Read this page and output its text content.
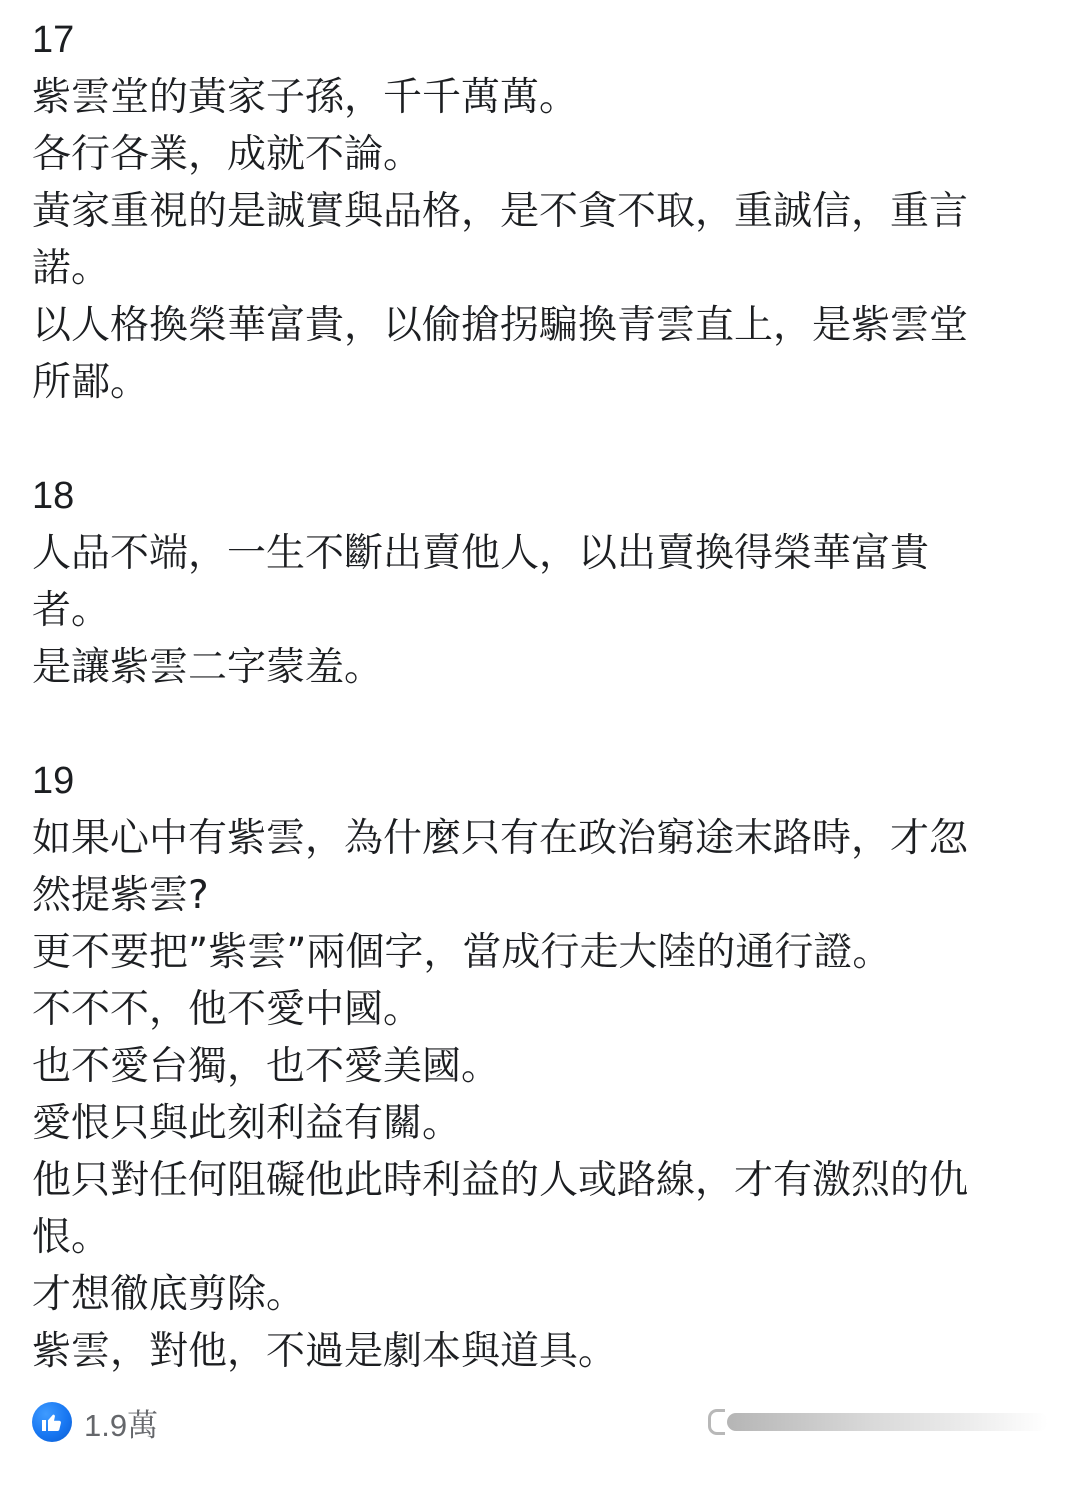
17
紫雲堂的黃家子孫，千千萬萬。
各行各業，成就不論。
黃家重視的是誠實與品格，是不貪不取，重誠信，重言
諾。
以人格換榮華富貴，以偷搶拐騙換青雲直上，是紫雲堂
所鄙。
18
人品不端，一生不斷出賣他人，以出賣換得榮華富貴
者。
是讓紫雲二字蒙羞。
19
如果心中有紫雲，為什麼只有在政治窮途末路時，才忽
然提紫雲?
更不要把”紫雲”兩個字，當成行走大陸的通行證。
不不不，他不愛中國。
也不愛台獨，也不愛美國。
愛恨只與此刻利益有關。
他只對任何阻礙他此時利益的人或路線，才有激烈的仇
恨。
才想徹底剪除。
紫雲，對他，不過是劇本與道具。
1.9萬
